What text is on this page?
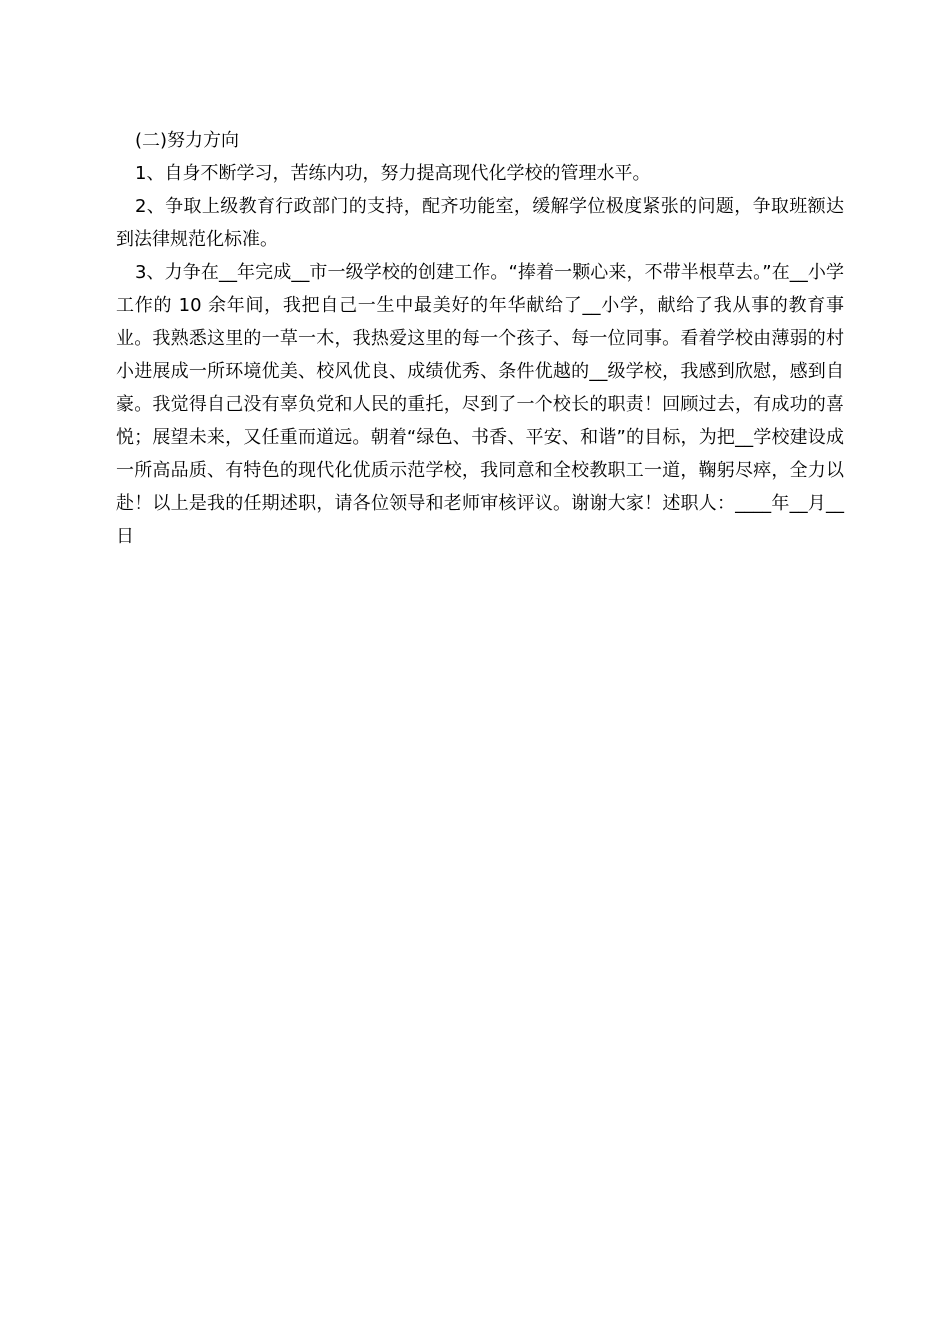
(二)努力方向

1、自身不断学习，苦练内功，努力提高现代化学校的管理水平。

2、争取上级教育行政部门的支持，配齐功能室，缓解学位极度紧张的问题，争取班额达到法律规范化标准。

3、力争在__年完成__市一级学校的创建工作。“捧着一颗心来，不带半根草去。”在__小学工作的 10 余年间，我把自己一生中最美好的年华献给了__小学，献给了我从事的教育事业。我熟悉这里的一草一木，我热爱这里的每一个孩子、每一位同事。看着学校由薄弱的村小进展成一所环境优美、校风优良、成绩优秀、条件优越的__级学校，我感到欣慰，感到自豪。我觉得自己没有辜负党和人民的重托，尽到了一个校长的职责！回顾过去，有成功的喜悦；展望未来，又任重而道远。朝着“绿色、书香、平安、和谐”的目标，为把__学校建设成一所高品质、有特色的现代化优质示范学校，我同意和全校教职工一道，鞠躬尽瘁，全力以赴！以上是我的任期述职，请各位领导和老师审核评议。谢谢大家！述职人：____年__月__日
